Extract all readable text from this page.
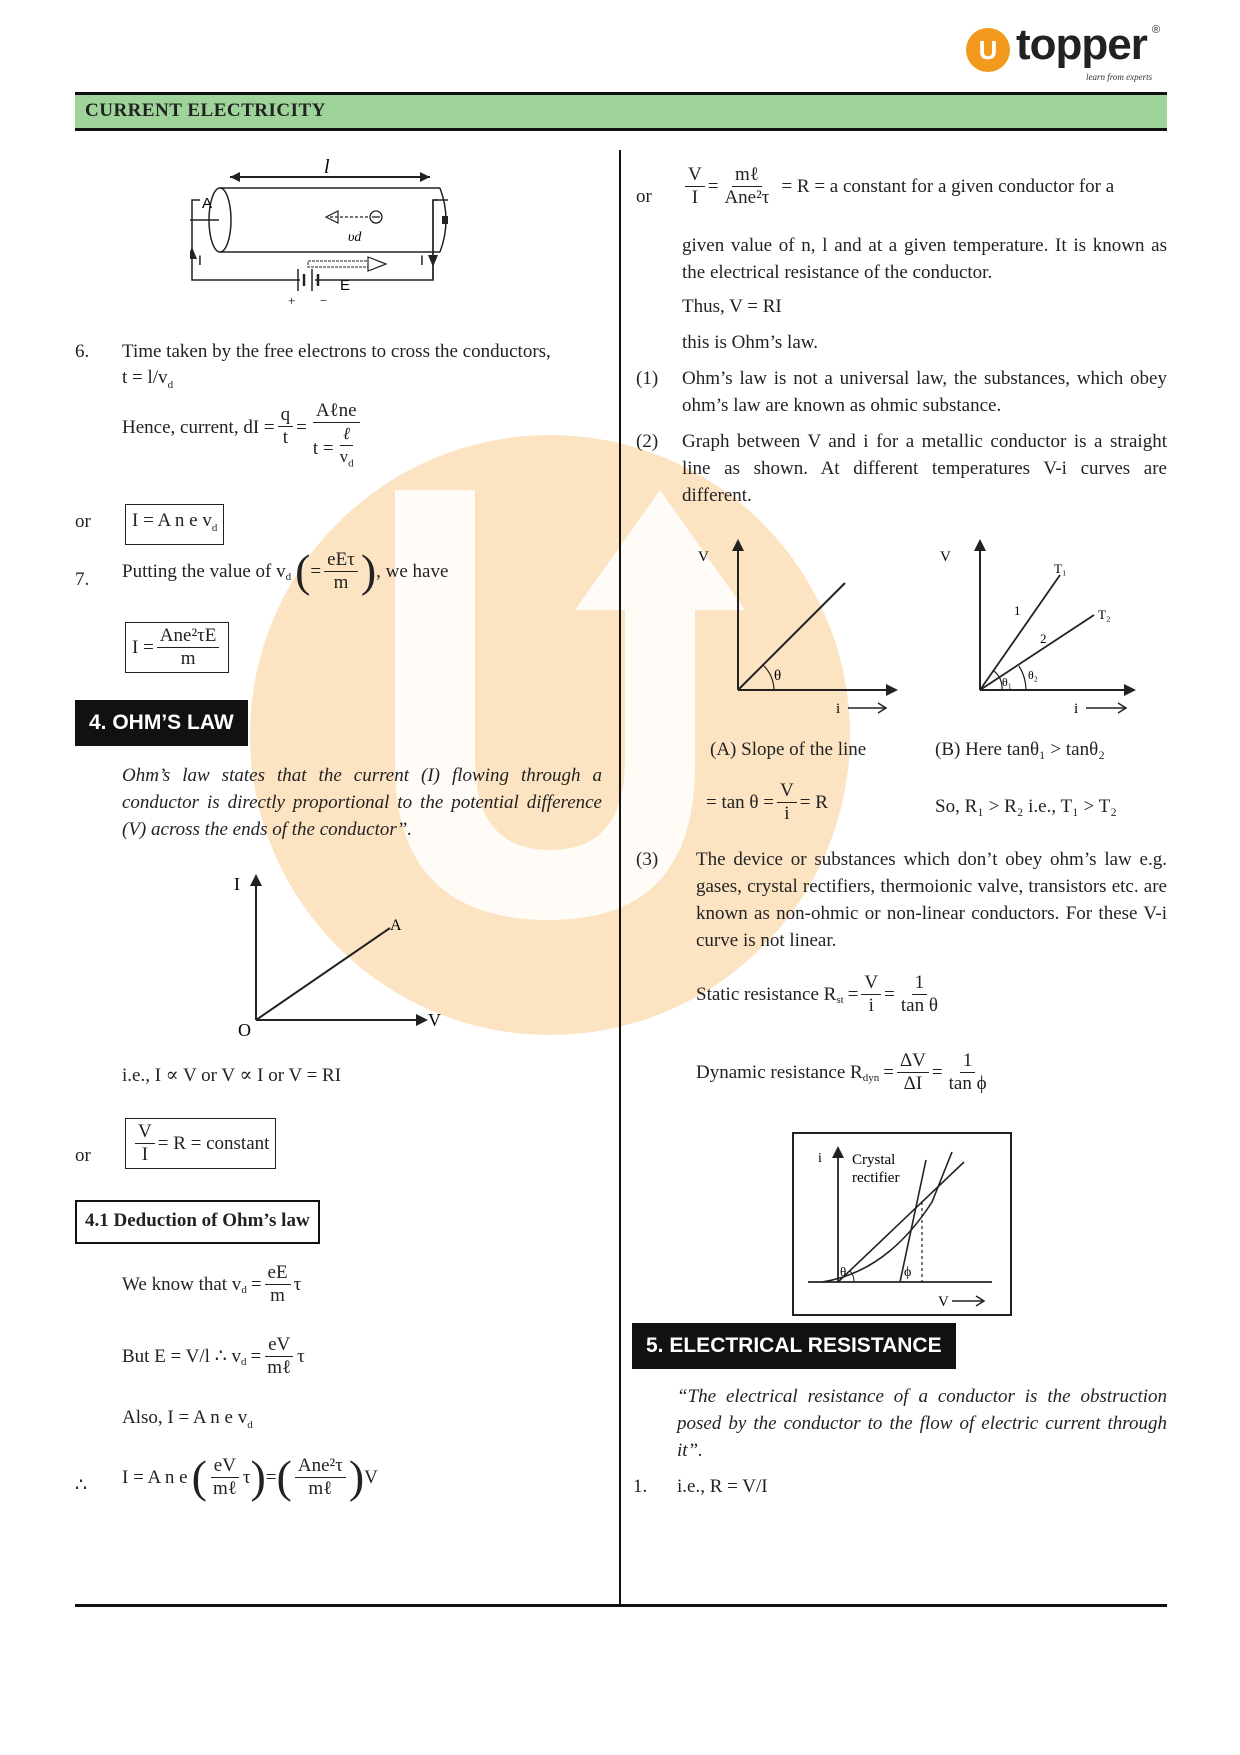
U topper ®
learn from experts
CURRENT ELECTRICITY
l
A
υd
E
I	I
+ −
6. Time taken by the free electrons to cross the conductors,
$t = l/v_d$
Hence, current, dI = $\frac{q}{t} = \frac{\text{Aℓne}}{t = \frac{\text{ℓ}}{v_d}}$
or	I = A n e $v_d$
7. Putting the value of $v_d$ ( = $\frac{\text{eEτ}}{m}$ ) , we have
$I = \frac{\text{Ane²τE}}{m}$
4. OHM’S LAW
Ohm’s law states that the current (I) flowing through a conductor is directly proportional to the potential difference (V) across the ends of the conductor”.
I
O	V
A
i.e., I ∝ V or V ∝ I or V = RI
or $\frac{V}{I} = R$ = constant
4.1 Deduction of Ohm’s law
We know that $v_d = \frac{eE}{m}$ τ
But E = V/l ∴ $v_d = \frac{eV}{\text{mℓ}}$ τ
Also, I = A n e $v_d$
∴ I = A n e ( $\frac{eV}{\text{mℓ}}$ τ ) = ( $\frac{\text{Ane²τ}}{\text{mℓ}}$ ) V
or $\frac{V}{I} = \frac{\text{mℓ}}{\text{Ane²τ}} = R = a$ constant for a given conductor for a
given value of n, l and at a given temperature. It is known as the electrical resistance of the conductor.
Thus, V = RI
this is Ohm’s law.
(1) Ohm’s law is not a universal law, the substances, which obey ohm’s law are known as ohmic substance.
(2) Graph between V and i for a metallic conductor is a straight line as shown. At different temperatures V-i curves are different.
V
θ
i
V
T₁
T₂
1
2
θ₁ θ₂
i
(A) Slope of the line	(B) Here tanθ₁ > tanθ₂
= $\tan \theta = \frac{V}{i} = R$	So, R₁ > R₂ i.e., T₁ > T₂
(3) The device or substances which don’t obey ohm’s law e.g. gases, crystal rectifiers, thermoionic valve, transistors etc. are known as non-ohmic or non-linear conductors. For these V-i curve is not linear.
Static resistance $R_{st} = \frac{V}{i} = \frac{1}{\text{tan θ}}$
Dynamic resistance $R_{dyn} = \frac{\Delta V}{\Delta I} = \frac{1}{\text{tan ϕ}}$
i Crystal
rectifier
θ	ϕ
V
5. ELECTRICAL RESISTANCE
“The electrical resistance of a conductor is the obstruction posed by the conductor to the flow of electric current through it”.
1. i.e., R = V/I
